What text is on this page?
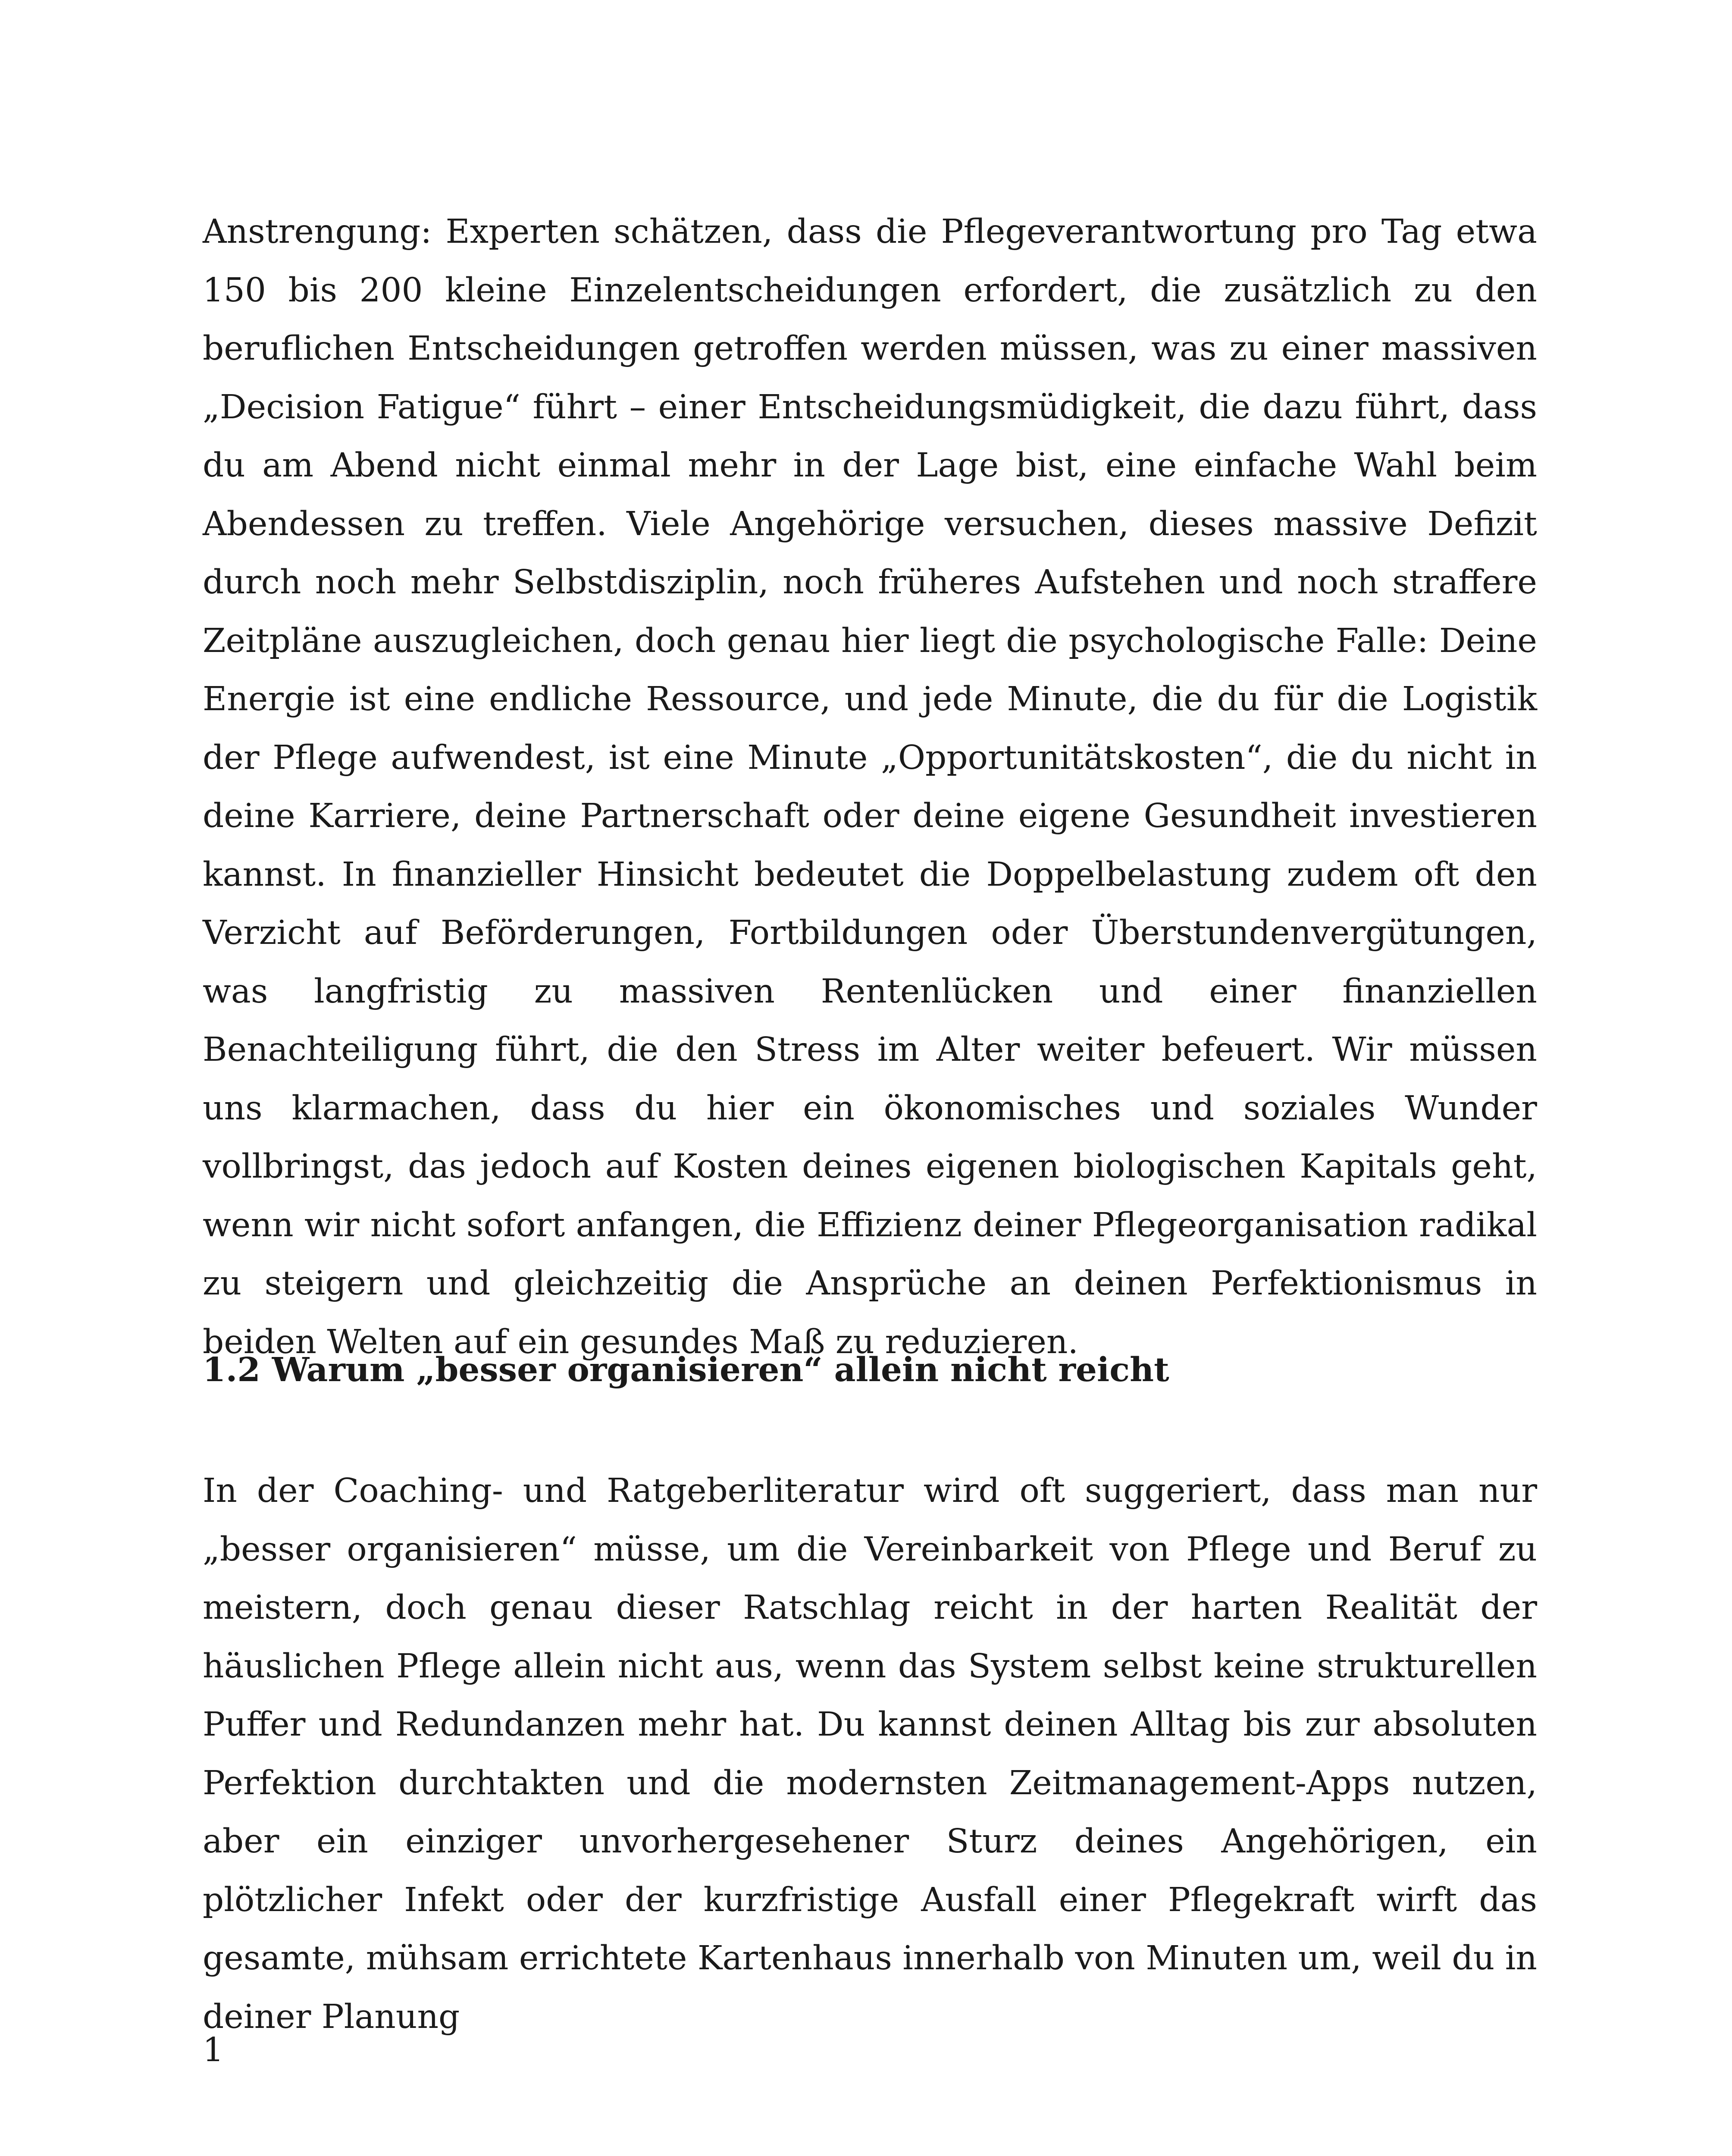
Anstrengung: Experten schätzen, dass die Pflegeverantwortung pro Tag etwa 150 bis 200 kleine Einzelentscheidungen erfordert, die zusätzlich zu den beruflichen Entscheidungen getroffen werden müssen, was zu einer massiven „Decision Fatigue“ führt – einer Entscheidungsmüdigkeit, die dazu führt, dass du am Abend nicht einmal mehr in der Lage bist, eine einfache Wahl beim Abendessen zu treffen. Viele Angehörige versuchen, dieses massive Defizit durch noch mehr Selbstdisziplin, noch früheres Aufstehen und noch straffere Zeitpläne auszugleichen, doch genau hier liegt die psychologische Falle: Deine Energie ist eine endliche Ressource, und jede Minute, die du für die Logistik der Pflege aufwendest, ist eine Minute „Opportunitätskosten“, die du nicht in deine Karriere, deine Partnerschaft oder deine eigene Gesundheit investieren kannst. In finanzieller Hinsicht bedeutet die Doppelbelastung zudem oft den Verzicht auf Beförderungen, Fortbildungen oder Überstundenvergütungen, was langfristig zu massiven Rentenlücken und einer finanziellen Benachteiligung führt, die den Stress im Alter weiter befeuert. Wir müssen uns klarmachen, dass du hier ein ökonomisches und soziales Wunder vollbringst, das jedoch auf Kosten deines eigenen biologischen Kapitals geht, wenn wir nicht sofort anfangen, die Effizienz deiner Pflegeorganisation radikal zu steigern und gleichzeitig die Ansprüche an deinen Perfektionismus in beiden Welten auf ein gesundes Maß zu reduzieren.

1.2 Warum „besser organisieren“ allein nicht reicht

In der Coaching- und Ratgeberliteratur wird oft suggeriert, dass man nur „besser organisieren“ müsse, um die Vereinbarkeit von Pflege und Beruf zu meistern, doch genau dieser Ratschlag reicht in der harten Realität der häuslichen Pflege allein nicht aus, wenn das System selbst keine strukturellen Puffer und Redundanzen mehr hat. Du kannst deinen Alltag bis zur absoluten Perfektion durchtakten und die modernsten Zeitmanagement-Apps nutzen, aber ein einziger unvorhergesehener Sturz deines Angehörigen, ein plötzlicher Infekt oder der kurzfristige Ausfall einer Pflegekraft wirft das gesamte, mühsam errichtete Kartenhaus innerhalb von Minuten um, weil du in deiner Planung

1
